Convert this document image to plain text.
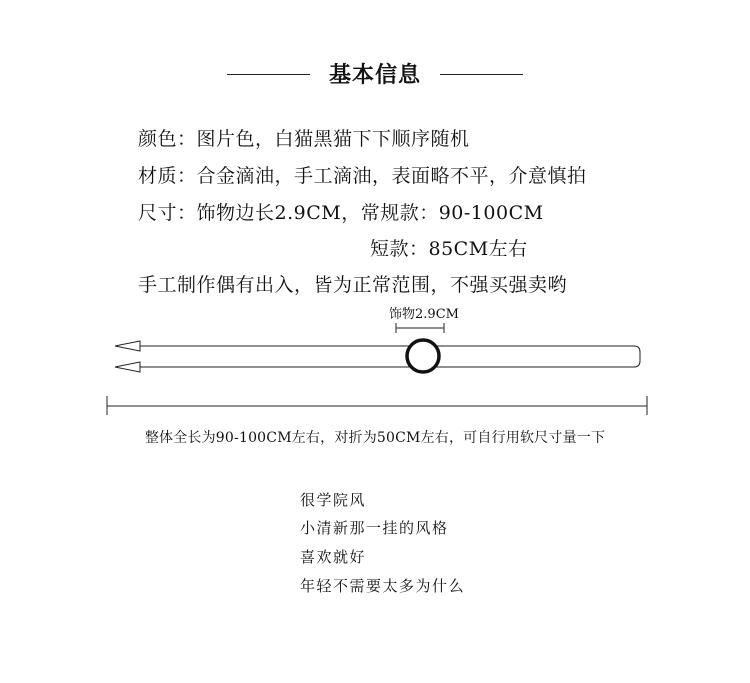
基本信息
颜色：图片色，白猫黑猫下下顺序随机
材质：合金滴油，手工滴油，表面略不平，介意慎拍
尺寸：饰物边长2.9CM，常规款：90-100CM
短款：85CM左右
手工制作偶有出入，皆为正常范围，不强买强卖哟
饰物2.9CM
整体全长为90-100CM左右，对折为50CM左右，可自行用软尺寸量一下
很学院风
小清新那一挂的风格
喜欢就好
年轻不需要太多为什么
